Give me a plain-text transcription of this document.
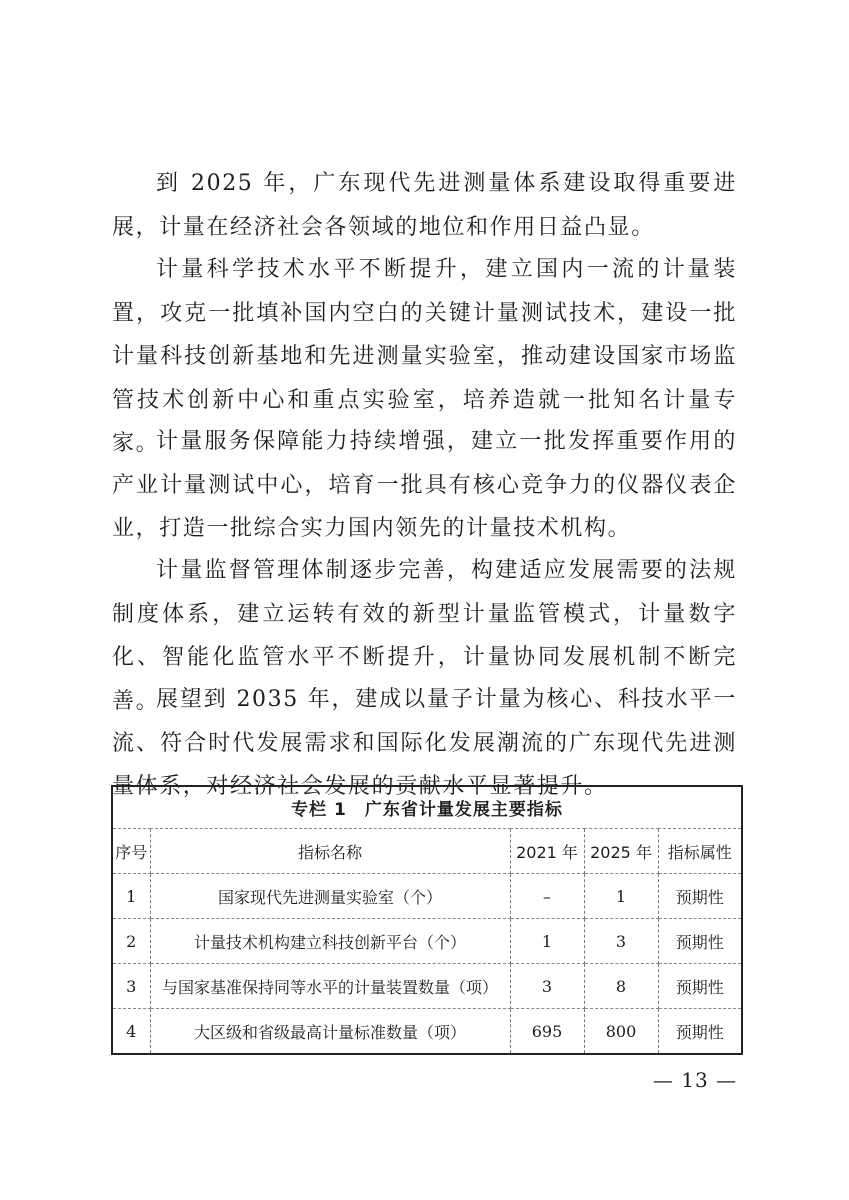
到 2025 年，广东现代先进测量体系建设取得重要进展，计量在经济社会各领域的地位和作用日益凸显。

计量科学技术水平不断提升，建立国内一流的计量装置，攻克一批填补国内空白的关键计量测试技术，建设一批计量科技创新基地和先进测量实验室，推动建设国家市场监管技术创新中心和重点实验室，培养造就一批知名计量专家。

计量服务保障能力持续增强，建立一批发挥重要作用的产业计量测试中心，培育一批具有核心竞争力的仪器仪表企业，打造一批综合实力国内领先的计量技术机构。

计量监督管理体制逐步完善，构建适应发展需要的法规制度体系，建立运转有效的新型计量监管模式，计量数字化、智能化监管水平不断提升，计量协同发展机制不断完善。

展望到 2035 年，建成以量子计量为核心、科技水平一流、符合时代发展需求和国际化发展潮流的广东现代先进测量体系，对经济社会发展的贡献水平显著提升。

专栏 1　广东省计量发展主要指标				
序号	指标名称	2021 年	2025 年	指标属性
1	国家现代先进测量实验室（个）	–	1	预期性
2	计量技术机构建立科技创新平台（个）	1	3	预期性
3	与国家基准保持同等水平的计量装置数量（项）	3	8	预期性
4	大区级和省级最高计量标准数量（项）	695	800	预期性
— 13 —
